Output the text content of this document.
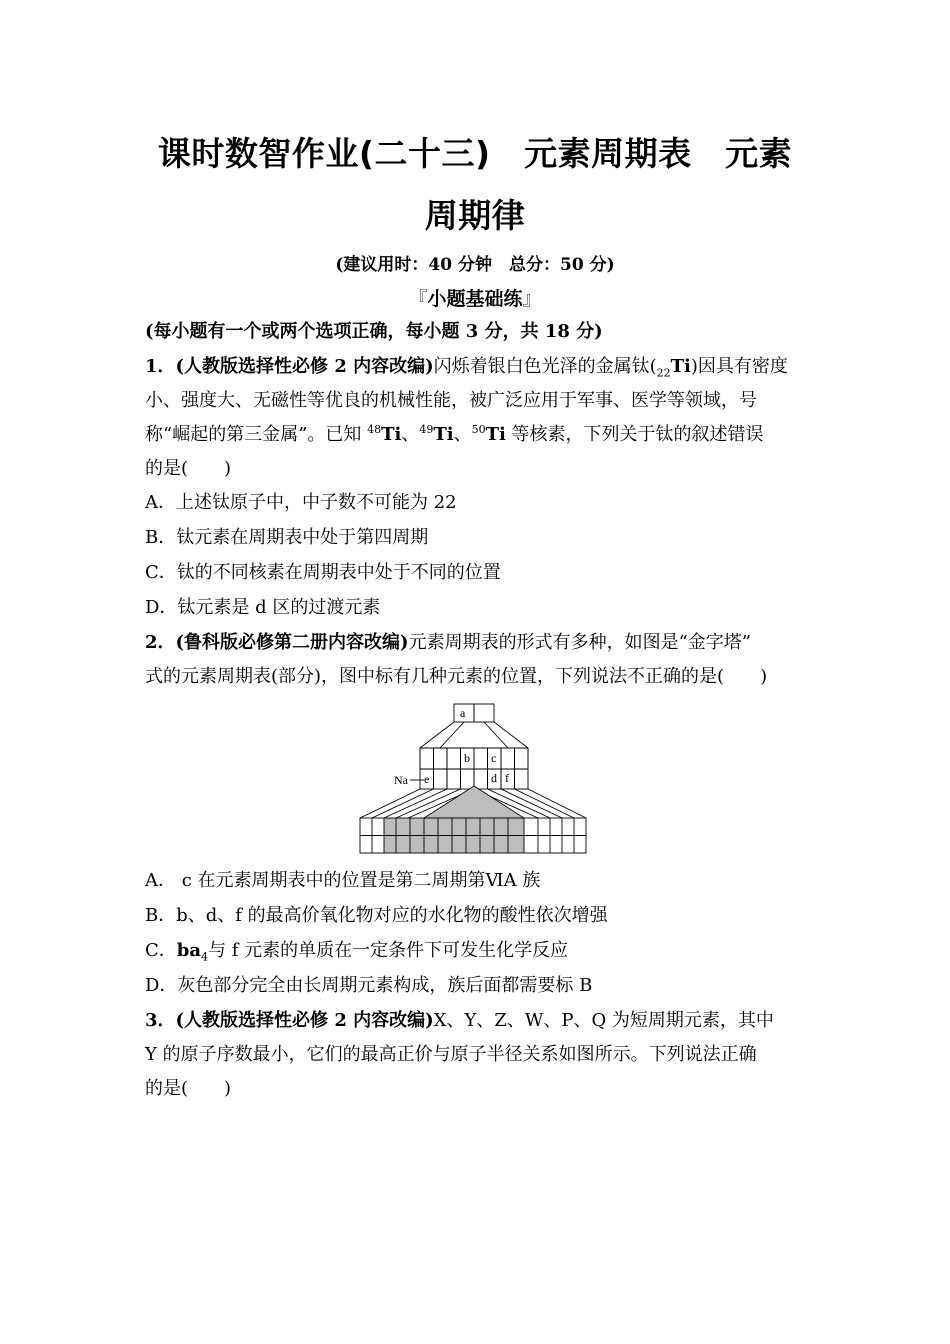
课时数智作业(二十三)　元素周期表　元素
周期律
(建议用时：40 分钟　总分：50 分)
『小题基础练』
(每小题有一个或两个选项正确，每小题 3 分，共 18 分)
1．(人教版选择性必修 2 内容改编)闪烁着银白色光泽的金属钛$(_{22}Ti)$因具有密度
小、强度大、无磁性等优良的机械性能，被广泛应用于军事、医学等领域，号
称“崛起的第三金属”。已知 $^{48}$Ti、$^{49}$Ti、$^{50}$Ti 等核素，下列关于钛的叙述错误
的是(　　)
A．上述钛原子中，中子数不可能为 22
B．钛元素在周期表中处于第四周期
C．钛的不同核素在周期表中处于不同的位置
D．钛元素是 d 区的过渡元素
2．(鲁科版必修第二册内容改编)元素周期表的形式有多种，如图是“金字塔”
式的元素周期表(部分)，图中标有几种元素的位置，下列说法不正确的是(　　)
a
b c
e	d f
Na
A． c 在元素周期表中的位置是第二周期第ⅥA 族
B．b、d、f 的最高价氧化物对应的水化物的酸性依次增强
C．$ba_4$与 f 元素的单质在一定条件下可发生化学反应
D．灰色部分完全由长周期元素构成，族后面都需要标 B
3．(人教版选择性必修 2 内容改编)X、Y、Z、W、P、Q 为短周期元素，其中
Y 的原子序数最小，它们的最高正价与原子半径关系如图所示。下列说法正确
的是(　　)
